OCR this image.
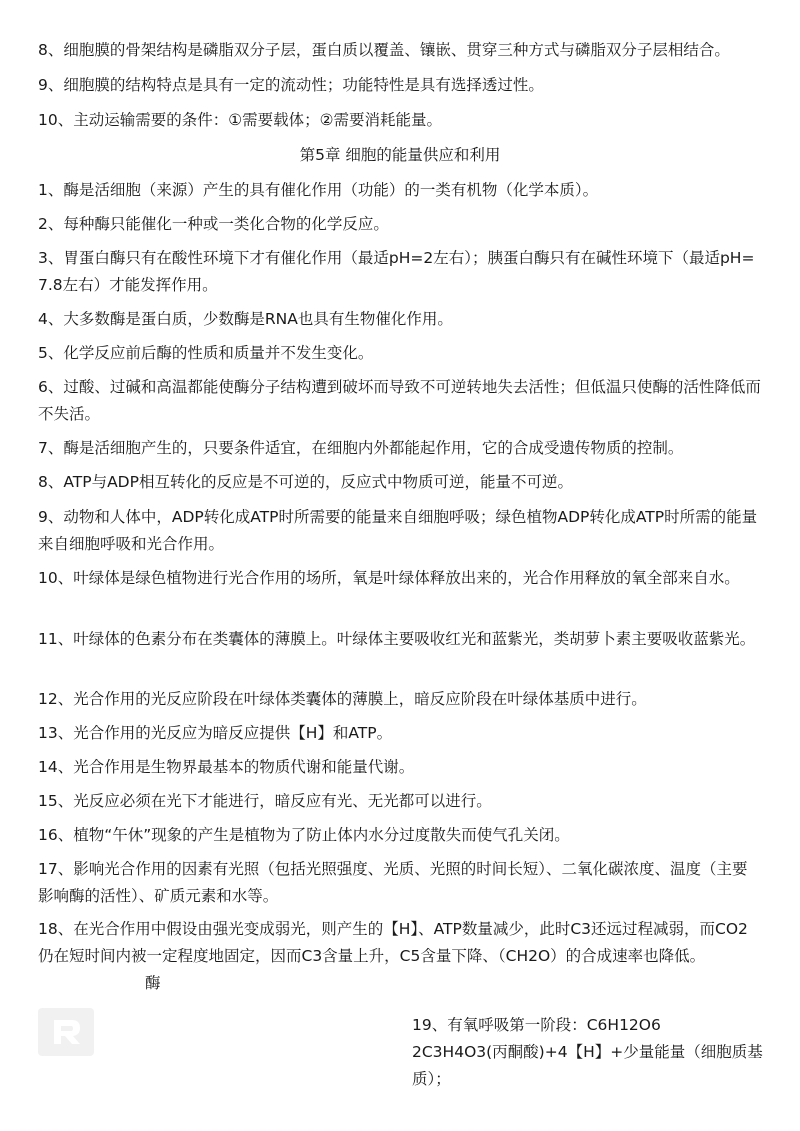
8、细胞膜的骨架结构是磷脂双分子层，蛋白质以覆盖、镶嵌、贯穿三种方式与磷脂双分子层相结合。

9、细胞膜的结构特点是具有一定的流动性；功能特性是具有选择透过性。

10、主动运输需要的条件：①需要载体；②需要消耗能量。

第5章 细胞的能量供应和利用

1、酶是活细胞（来源）产生的具有催化作用（功能）的一类有机物（化学本质）。

2、每种酶只能催化一种或一类化合物的化学反应。

3、胃蛋白酶只有在酸性环境下才有催化作用（最适pH=2左右）；胰蛋白酶只有在碱性环境下（最适pH=7.8左右）才能发挥作用。

4、大多数酶是蛋白质，少数酶是RNA也具有生物催化作用。

5、化学反应前后酶的性质和质量并不发生变化。

6、过酸、过碱和高温都能使酶分子结构遭到破坏而导致不可逆转地失去活性；但低温只使酶的活性降低而不失活。

7、酶是活细胞产生的，只要条件适宜，在细胞内外都能起作用，它的合成受遗传物质的控制。

8、ATP与ADP相互转化的反应是不可逆的，反应式中物质可逆，能量不可逆。

9、动物和人体中，ADP转化成ATP时所需要的能量来自细胞呼吸；绿色植物ADP转化成ATP时所需的能量来自细胞呼吸和光合作用。

10、叶绿体是绿色植物进行光合作用的场所，氧是叶绿体释放出来的，光合作用释放的氧全部来自水。

11、叶绿体的色素分布在类囊体的薄膜上。叶绿体主要吸收红光和蓝紫光，类胡萝卜素主要吸收蓝紫光。

12、光合作用的光反应阶段在叶绿体类囊体的薄膜上，暗反应阶段在叶绿体基质中进行。

13、光合作用的光反应为暗反应提供【H】和ATP。

14、光合作用是生物界最基本的物质代谢和能量代谢。

15、光反应必须在光下才能进行，暗反应有光、无光都可以进行。

16、植物“午休”现象的产生是植物为了防止体内水分过度散失而使气孔关闭。

17、影响光合作用的因素有光照（包括光照强度、光质、光照的时间长短）、二氧化碳浓度、温度（主要影响酶的活性）、矿质元素和水等。

18、在光合作用中假设由强光变成弱光，则产生的【H】、ATP数量减少，此时C3还远过程减弱，而CO2仍在短时间内被一定程度地固定，因而C3含量上升，C5含量下降、（CH2O）的合成速率也降低。

酶

19、有氧呼吸第一阶段：C6H12O6

2C3H4O3(丙酮酸)+4【H】+少量能量（细胞质基质）；
